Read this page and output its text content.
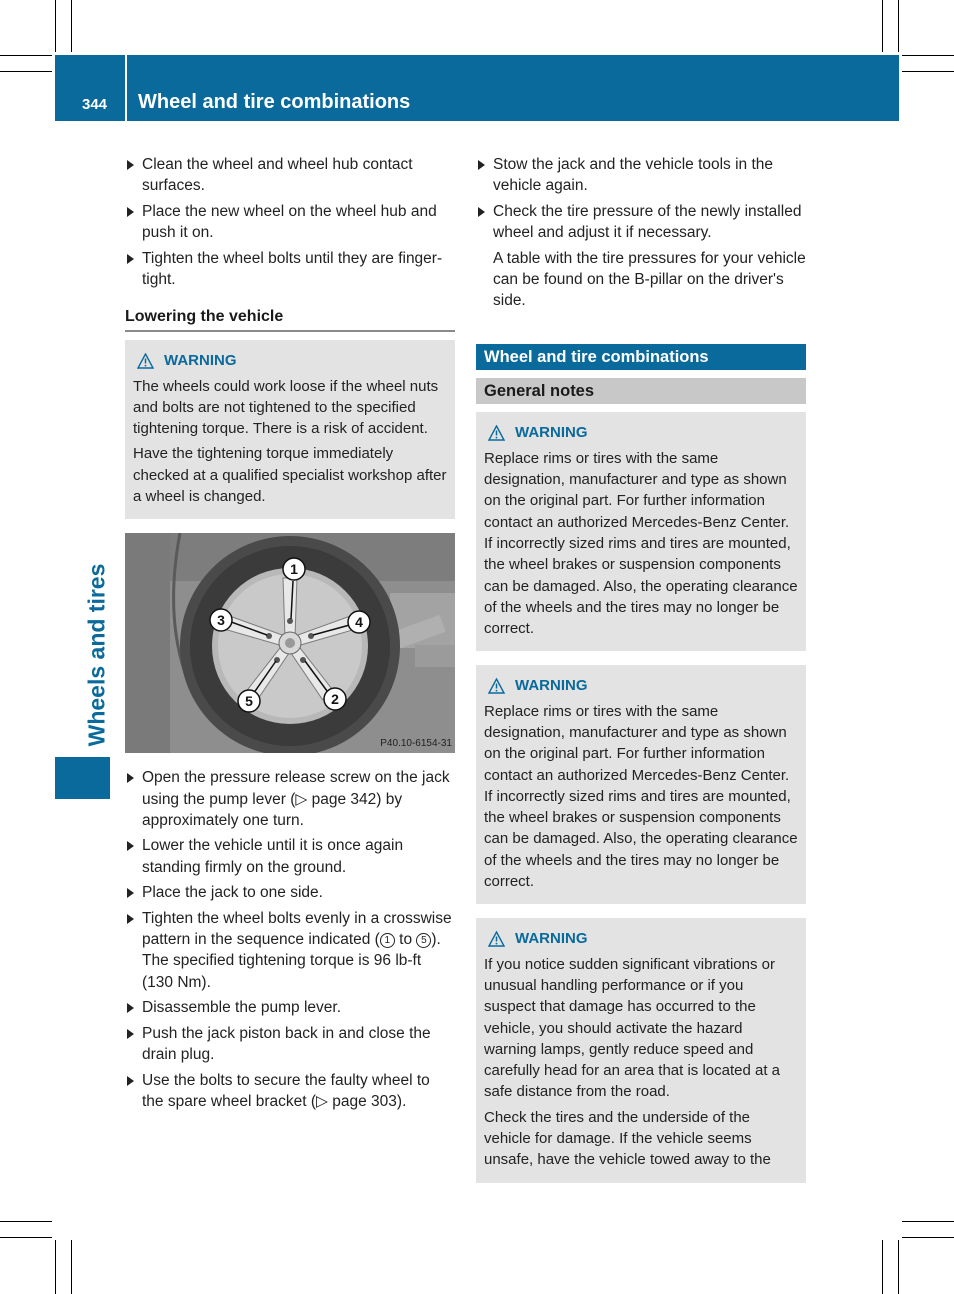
344 Wheel and tire combinations
Wheels and tires
Clean the wheel and wheel hub contact surfaces.
Place the new wheel on the wheel hub and push it on.
Tighten the wheel bolts until they are finger-tight.
Lowering the vehicle
WARNING

The wheels could work loose if the wheel nuts and bolts are not tightened to the specified tightening torque. There is a risk of accident.

Have the tightening torque immediately checked at a qualified specialist workshop after a wheel is changed.

1
2
3	4
5
P40.10-6154-31
Open the pressure release screw on the jack using the pump lever (▷ page 342) by approximately one turn.
Lower the vehicle until it is once again standing firmly on the ground.
Place the jack to one side.
Tighten the wheel bolts evenly in a crosswise pattern in the sequence indicated ( 1 to 5 ). The specified tightening torque is 96 lb-ft (130 Nm).
Disassemble the pump lever.
Push the jack piston back in and close the drain plug.
Use the bolts to secure the faulty wheel to the spare wheel bracket (▷ page 303).
Stow the jack and the vehicle tools in the vehicle again.
Check the tire pressure of the newly installed wheel and adjust it if necessary.
A table with the tire pressures for your vehicle can be found on the B-pillar on the driver's side.
Wheel and tire combinations
General notes
WARNING

Replace rims or tires with the same designation, manufacturer and type as shown on the original part. For further information contact an authorized Mercedes-Benz Center. If incorrectly sized rims and tires are mounted, the wheel brakes or suspension components can be damaged. Also, the operating clearance of the wheels and the tires may no longer be correct.

WARNING

Replace rims or tires with the same designation, manufacturer and type as shown on the original part. For further information contact an authorized Mercedes-Benz Center. If incorrectly sized rims and tires are mounted, the wheel brakes or suspension components can be damaged. Also, the operating clearance of the wheels and the tires may no longer be correct.

WARNING

If you notice sudden significant vibrations or unusual handling performance or if you suspect that damage has occurred to the vehicle, you should activate the hazard warning lamps, gently reduce speed and carefully head for an area that is located at a safe distance from the road.

Check the tires and the underside of the vehicle for damage. If the vehicle seems unsafe, have the vehicle towed away to the
